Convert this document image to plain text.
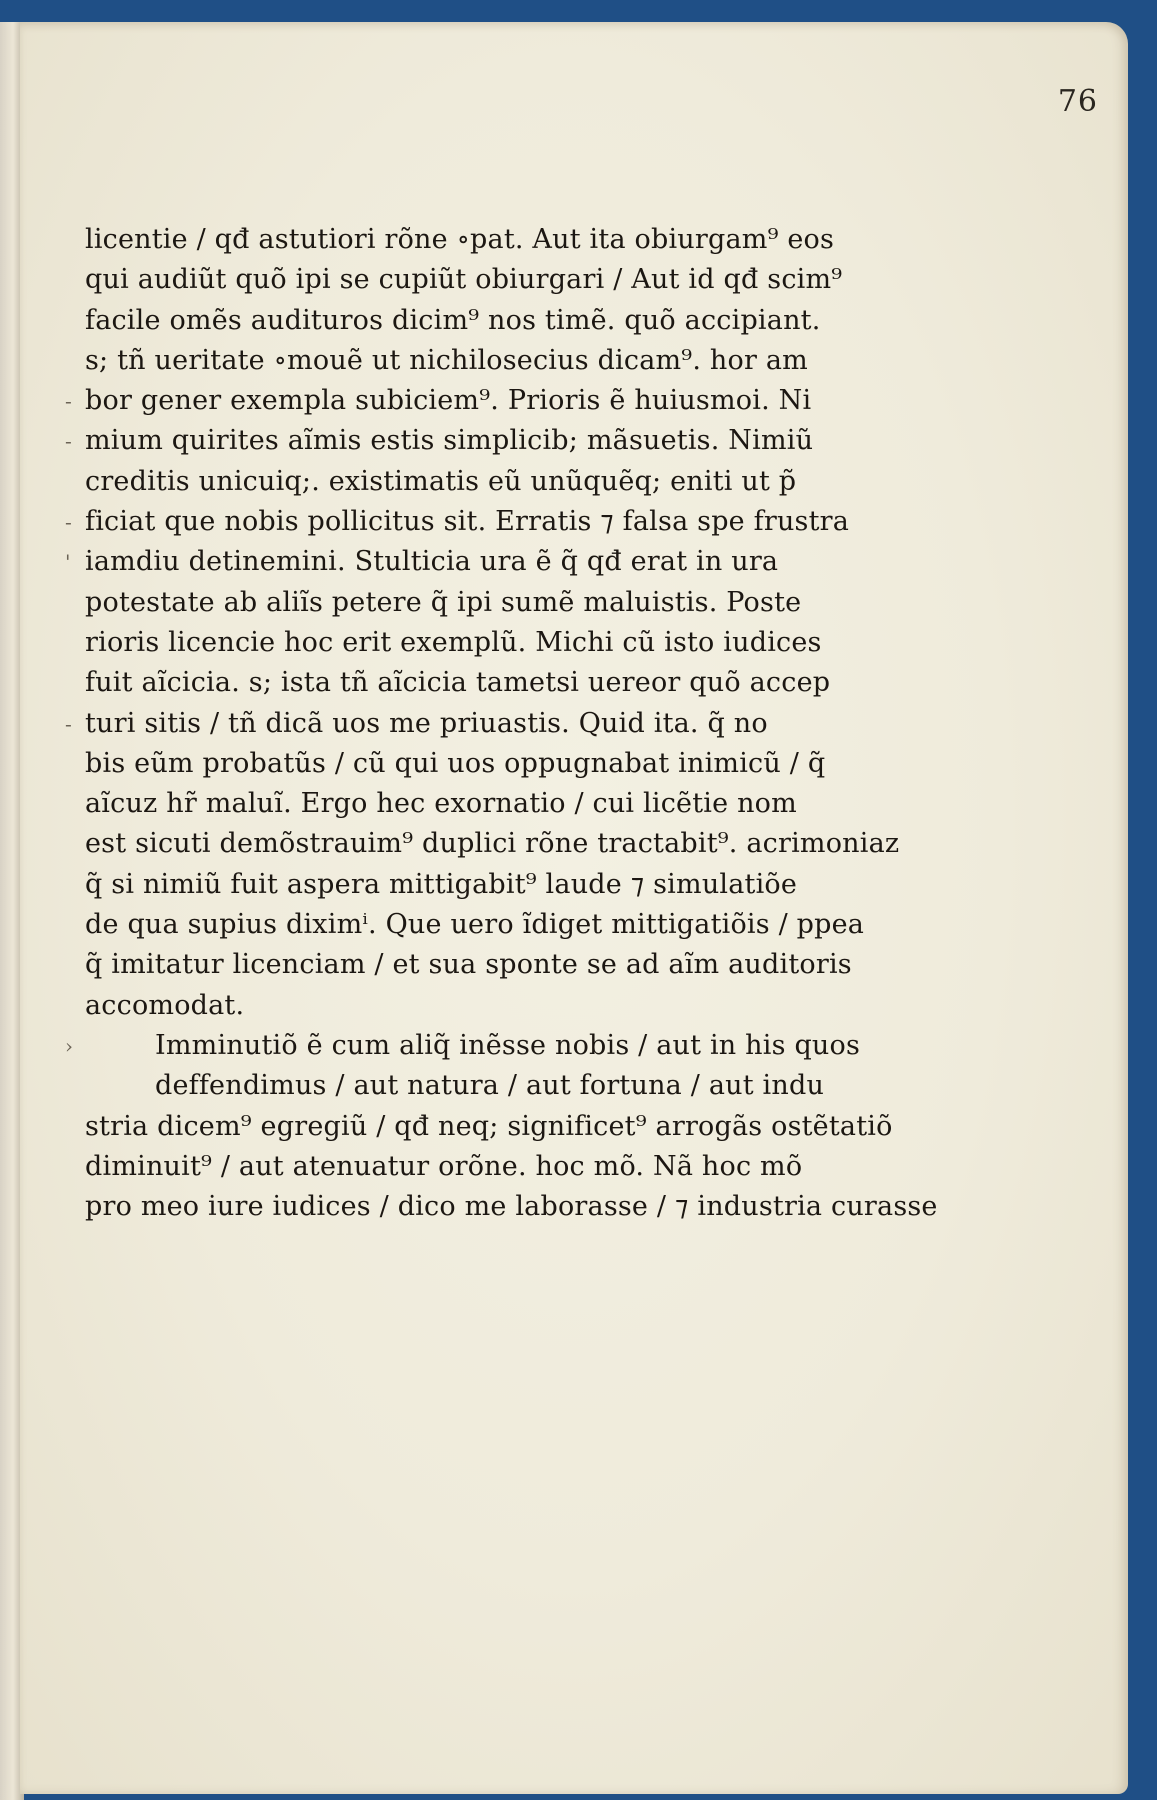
76
licentie / qđ astutiori rõne ∘pat. Aut ita obiurgam⁹ eos
qui audiũt quõ ipi se cupiũt obiurgari / Aut id qđ scim⁹
facile omẽs audituros dicim⁹ nos timẽ. quõ accipiant.
s; tñ ueritate ∘mouẽ ut nichilosecius dicam⁹. hor am
- bor gener exempla subiciem⁹. Prioris ẽ huiusmoi. Ni
- mium quirites aĩmis estis simplicib; mãsuetis. Nimiũ
creditis unicuiq;. existimatis eũ unũquẽq; eniti ut p̃
- ficiat que nobis pollicitus sit. Erratis ⁊ falsa spe frustra
' iamdiu detinemini. Stulticia ura ẽ q̃ qđ erat in ura
potestate ab aliĩs petere q̃ ipi sumẽ maluistis. Poste
rioris licencie hoc erit exemplũ. Michi cũ isto iudices
fuit aĩcicia. s; ista tñ aĩcicia tametsi uereor quõ accep
- turi sitis / tñ dicã uos me priuastis. Quid ita. q̃ no
bis eũm probatũs / cũ qui uos oppugnabat inimicũ / q̃
aĩcuz hr̃ maluĩ. Ergo hec exornatio / cui licẽtie nom
est sicuti demõstrauim⁹ duplici rõne tractabit⁹. acrimoniaz
q̃ si nimiũ fuit aspera mittigabit⁹ laude ⁊ simulatiõe
de qua supius diximⁱ. Que uero ĩdiget mittigatiõis / ppea
q̃ imitatur licenciam / et sua sponte se ad aĩm auditoris
accomodat.
›	Imminutiõ ẽ cum aliq̃ inẽsse nobis / aut in his quos
deffendimus / aut natura / aut fortuna / aut indu
stria dicem⁹ egregiũ / qđ neq; significet⁹ arrogãs ostẽtatiõ
diminuit⁹ / aut atenuatur orõne. hoc mõ. Nã hoc mõ
pro meo iure iudices / dico me laborasse / ⁊ industria curasse
